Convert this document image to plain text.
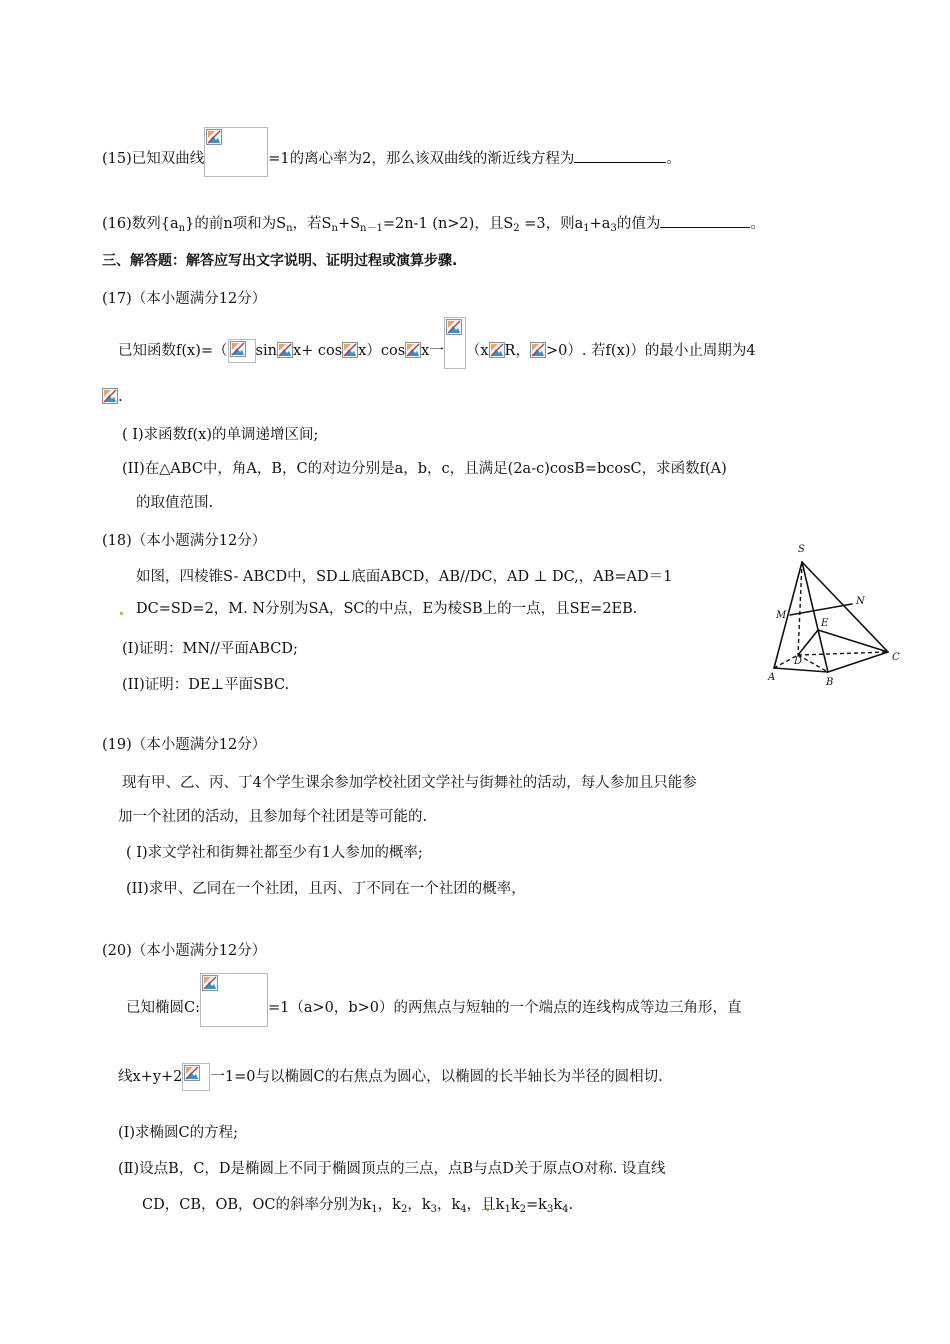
(15)已知双曲线	=1的离心率为2，那么该双曲线的渐近线方程为	。
(16)数列$\{a_n\}$的前n项和为$S_n$，若$S_n+S_{n-1}=2n-1$ (n>2)，且$S_2 =3$，则$a_1+a_3$的值为	。
三、解答题：解答应写出文字说明、证明过程或演算步骤.
(17)（本小题满分12分）
已知函数f(x)=（ sin x+ cos x）cos x一 （x R， >0）. 若f(x)）的最小止周期为4
.
( I)求函数f(x)的单调递增区间;
(II)在△ABC中，角A，B，C的对边分别是a，b，c，且满足(2a-c)cosB=bcosC，求函数f(A)
的取值范围.
(18)（本小题满分12分）
如图，四棱锥S- ABCD中，SD⊥底面ABCD，AB//DC，AD ⊥ DC,，AB=AD＝1
DC=SD=2，M. N分别为SA，SC的中点，E为棱SB上的一点，且SE=2EB.
(I)证明：MN//平面ABCD;
(II)证明：DE⊥平面SBC.
S
M
N
E
D
A	B
C
(19)（本小题满分12分）
现有甲、乙、丙、丁4个学生课余参加学校社团文学社与街舞社的活动，每人参加且只能参
加一个社团的活动，且参加每个社团是等可能的.
( I)求文学社和街舞社都至少有1人参加的概率;
(II)求甲、乙同在一个社团，且丙、丁不同在一个社团的概率，
(20)（本小题满分12分）
已知椭圆C:	=1（a>0，b>0）的两焦点与短轴的一个端点的连线构成等边三角形，直
线x+y+2 一1=0与以椭圆C的右焦点为圆心，以椭圆的长半轴长为半径的圆相切.
(I)求椭圆C的方程;
(Ⅱ)设点B，C，D是椭圆上不同于椭圆顶点的三点，点B与点D关于原点O对称. 设直线
CD，CB，OB，OC的斜率分别为$k_1$，$k_2$，$k_3$，$k_4$，且$k_1k_2=k_3k_4$.
